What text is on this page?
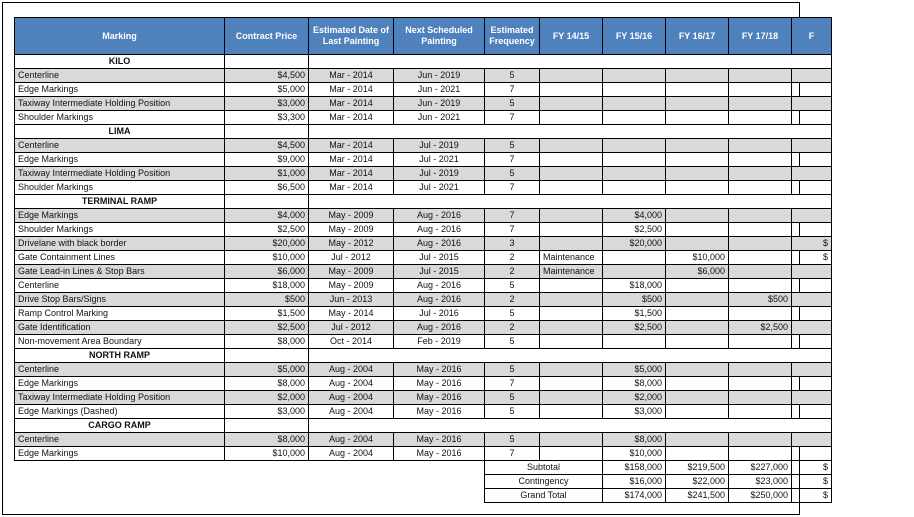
Marking	Contract Price	Estimated Date of Last Painting	Next Scheduled Painting	Estimated Frequency	FY 14/15	FY 15/16	FY 16/17	FY 17/18	F
KILO									
Centerline	$4,500	Mar - 2014	Jun - 2019	5					
Edge Markings	$5,000	Mar - 2014	Jun - 2021	7					
Taxiway Intermediate Holding Position	$3,000	Mar - 2014	Jun - 2019	5					
Shoulder Markings	$3,300	Mar - 2014	Jun - 2021	7					
LIMA									
Centerline	$4,500	Mar - 2014	Jul - 2019	5					
Edge Markings	$9,000	Mar - 2014	Jul - 2021	7					
Taxiway Intermediate Holding Position	$1,000	Mar - 2014	Jul - 2019	5					
Shoulder Markings	$6,500	Mar - 2014	Jul - 2021	7					
TERMINAL RAMP									
Edge Markings	$4,000	May - 2009	Aug - 2016	7		$4,000			
Shoulder Markings	$2,500	May - 2009	Aug - 2016	7		$2,500			
Drivelane with black border	$20,000	May - 2012	Aug - 2016	3		$20,000			$
Gate Containment Lines	$10,000	Jul - 2012	Jul - 2015	2	Maintenance		$10,000		$
Gate Lead-in Lines & Stop Bars	$6,000	May - 2009	Jul - 2015	2	Maintenance		$6,000		
Centerline	$18,000	May - 2009	Aug - 2016	5		$18,000			
Drive Stop Bars/Signs	$500	Jun - 2013	Aug - 2016	2		$500		$500	
Ramp Control Marking	$1,500	May - 2014	Jul - 2016	5		$1,500			
Gate Identification	$2,500	Jul - 2012	Aug - 2016	2		$2,500		$2,500	
Non-movement Area Boundary	$8,000	Oct - 2014	Feb - 2019	5					
NORTH RAMP									
Centerline	$5,000	Aug - 2004	May - 2016	5		$5,000			
Edge Markings	$8,000	Aug - 2004	May - 2016	7		$8,000			
Taxiway Intermediate Holding Position	$2,000	Aug - 2004	May - 2016	5		$2,000			
Edge Markings (Dashed)	$3,000	Aug - 2004	May - 2016	5		$3,000			
CARGO RAMP									
Centerline	$8,000	Aug - 2004	May - 2016	5		$8,000			
Edge Markings	$10,000	Aug - 2004	May - 2016	7		$10,000			
				Subtotal		$158,000	$219,500	$227,000	$
				Contingency		$16,000	$22,000	$23,000	$
				Grand Total		$174,000	$241,500	$250,000	$
